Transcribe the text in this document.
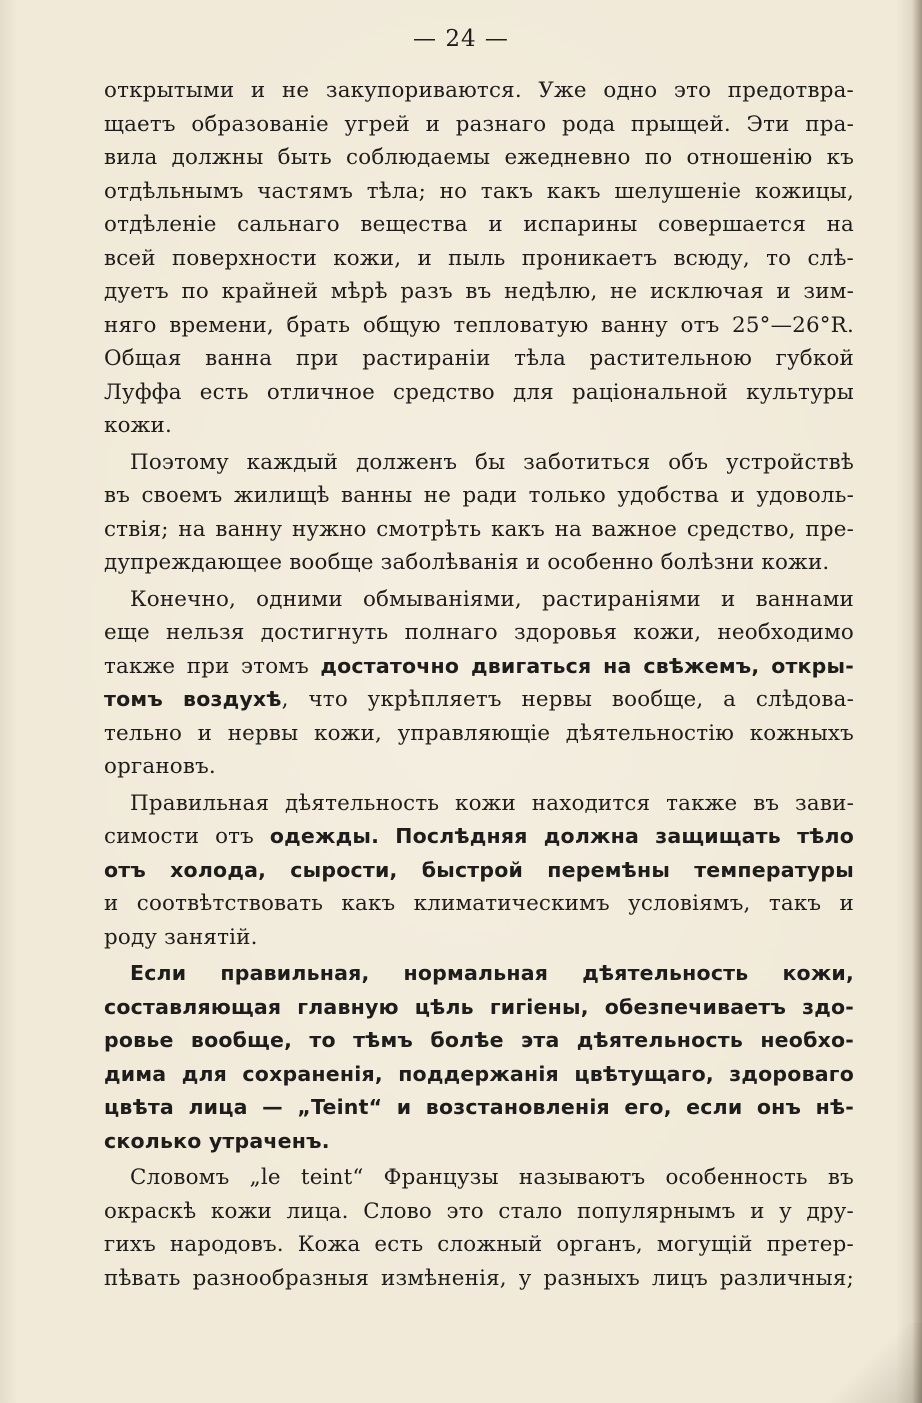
— 24 —
открытыми и не закупориваются. Уже одно это предотвра-
щаетъ образованіе угрей и разнаго рода прыщей. Эти пра-
вила должны быть соблюдаемы ежедневно по отношенію къ
отдѣльнымъ частямъ тѣла; но такъ какъ шелушеніе кожицы,
отдѣленіе сальнаго вещества и испарины совершается на
всей поверхности кожи, и пыль проникаетъ всюду, то слѣ-
дуетъ по крайней мѣрѣ разъ въ недѣлю, не исключая и зим-
няго времени, брать общую тепловатую ванну отъ 25°—26°R.
Общая ванна при растираніи тѣла растительною губкой
Луффа есть отличное средство для раціональной культуры
кожи.
Поэтому каждый долженъ бы заботиться объ устройствѣ
въ своемъ жилищѣ ванны не ради только удобства и удоволь-
ствія; на ванну нужно смотрѣть какъ на важное средство, пре-
дупреждающее вообще заболѣванія и особенно болѣзни кожи.
Конечно, одними обмываніями, растираніями и ваннами
еще нельзя достигнуть полнаго здоровья кожи, необходимо
также при этомъ достаточно двигаться на свѣжемъ, откры-
томъ воздухѣ, что укрѣпляетъ нервы вообще, а слѣдова-
тельно и нервы кожи, управляющіе дѣятельностію кожныхъ
органовъ.
Правильная дѣятельность кожи находится также въ зави-
симости отъ одежды. Послѣдняя должна защищать тѣло
отъ холода, сырости, быстрой перемѣны температуры
и соотвѣтствовать какъ климатическимъ условіямъ, такъ и
роду занятій.
Если правильная, нормальная дѣятельность кожи,
составляющая главную цѣль гигіены, обезпечиваетъ здо-
ровье вообще, то тѣмъ болѣе эта дѣятельность необхо-
дима для сохраненія, поддержанія цвѣтущаго, здороваго
цвѣта лица — „Teint“ и возстановленія его, если онъ нѣ-
сколько утраченъ.
Словомъ „le teint“ Французы называютъ особенность въ
окраскѣ кожи лица. Слово это стало популярнымъ и у дру-
гихъ народовъ. Кожа есть сложный органъ, могущій претер-
пѣвать разнообразныя измѣненія, у разныхъ лицъ различныя;
